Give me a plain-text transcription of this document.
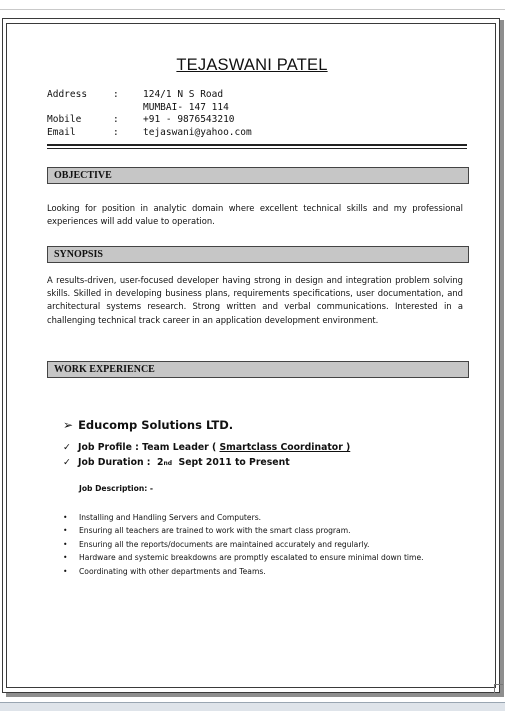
TEJASWANI PATEL
Address	:	124/1 N S Road
MUMBAI- 147 114
Mobile	:	+91 - 9876543210
Email	:	tejaswani@yahoo.com
OBJECTIVE
Looking for position in analytic domain where excellent technical skills and my professional experiences will add value to operation.
SYNOPSIS
A results-driven, user-focused developer having strong in design and integration problem solving skills. Skilled in developing business plans, requirements specifications, user documentation, and architectural systems research. Strong written and verbal communications. Interested in a challenging technical track career in an application development environment.
WORK EXPERIENCE
➢ Educomp Solutions LTD.
✓ Job Profile : Team Leader ( Smartclass Coordinator )
✓ Job Duration :  2 nd Sept 2011 to Present
Job Description: -
•	Installing and Handling Servers and Computers.
•	Ensuring all teachers are trained to work with the smart class program.
•	Ensuring all the reports/documents are maintained accurately and regularly.
•	Hardware and systemic breakdowns are promptly escalated to ensure minimal down time.
•	Coordinating with other departments and Teams.
